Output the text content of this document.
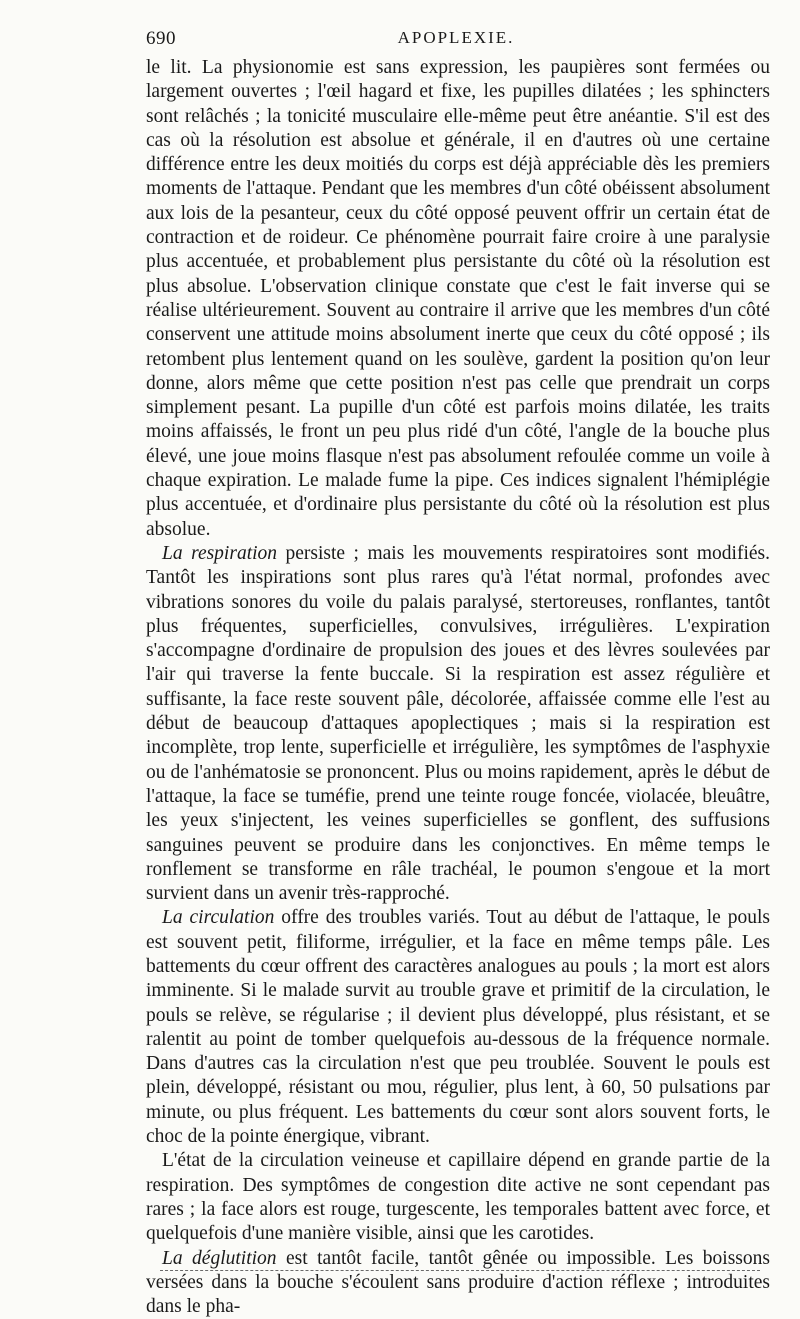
690	APOPLEXIE.

le lit. La physionomie est sans expression, les paupières sont fermées ou largement ouvertes ; l'œil hagard et fixe, les pupilles dilatées ; les sphincters sont relâchés ; la tonicité musculaire elle-même peut être anéantie. S'il est des cas où la résolution est absolue et générale, il en d'autres où une certaine différence entre les deux moitiés du corps est déjà appréciable dès les premiers moments de l'attaque. Pendant que les membres d'un côté obéissent absolument aux lois de la pesanteur, ceux du côté opposé peuvent offrir un certain état de contraction et de roideur. Ce phénomène pourrait faire croire à une paralysie plus accentuée, et probablement plus persistante du côté où la résolution est plus absolue. L'observation clinique constate que c'est le fait inverse qui se réalise ultérieurement. Souvent au contraire il arrive que les membres d'un côté conservent une attitude moins absolument inerte que ceux du côté opposé ; ils retombent plus lentement quand on les soulève, gardent la position qu'on leur donne, alors même que cette position n'est pas celle que prendrait un corps simplement pesant. La pupille d'un côté est parfois moins dilatée, les traits moins affaissés, le front un peu plus ridé d'un côté, l'angle de la bouche plus élevé, une joue moins flasque n'est pas absolument refoulée comme un voile à chaque expiration. Le malade fume la pipe. Ces indices signalent l'hémiplégie plus accentuée, et d'ordinaire plus persistante du côté où la résolution est plus absolue.

La respiration persiste ; mais les mouvements respiratoires sont modifiés. Tantôt les inspirations sont plus rares qu'à l'état normal, profondes avec vibrations sonores du voile du palais paralysé, stertoreuses, ronflantes, tantôt plus fréquentes, superficielles, convulsives, irrégulières. L'expiration s'accompagne d'ordinaire de propulsion des joues et des lèvres soulevées par l'air qui traverse la fente buccale. Si la respiration est assez régulière et suffisante, la face reste souvent pâle, décolorée, affaissée comme elle l'est au début de beaucoup d'attaques apoplectiques ; mais si la respiration est incomplète, trop lente, superficielle et irrégulière, les symptômes de l'asphyxie ou de l'anhématosie se prononcent. Plus ou moins rapidement, après le début de l'attaque, la face se tuméfie, prend une teinte rouge foncée, violacée, bleuâtre, les yeux s'injectent, les veines superficielles se gonflent, des suffusions sanguines peuvent se produire dans les conjonctives. En même temps le ronflement se transforme en râle trachéal, le poumon s'engoue et la mort survient dans un avenir très-rapproché.

La circulation offre des troubles variés. Tout au début de l'attaque, le pouls est souvent petit, filiforme, irrégulier, et la face en même temps pâle. Les battements du cœur offrent des caractères analogues au pouls ; la mort est alors imminente. Si le malade survit au trouble grave et primitif de la circulation, le pouls se relève, se régularise ; il devient plus développé, plus résistant, et se ralentit au point de tomber quelquefois au-dessous de la fréquence normale. Dans d'autres cas la circulation n'est que peu troublée. Souvent le pouls est plein, développé, résistant ou mou, régulier, plus lent, à 60, 50 pulsations par minute, ou plus fréquent. Les battements du cœur sont alors souvent forts, le choc de la pointe énergique, vibrant.

L'état de la circulation veineuse et capillaire dépend en grande partie de la respiration. Des symptômes de congestion dite active ne sont cependant pas rares ; la face alors est rouge, turgescente, les temporales battent avec force, et quelquefois d'une manière visible, ainsi que les carotides.

La déglutition est tantôt facile, tantôt gênée ou impossible. Les boissons versées dans la bouche s'écoulent sans produire d'action réflexe ; introduites dans le pha-
